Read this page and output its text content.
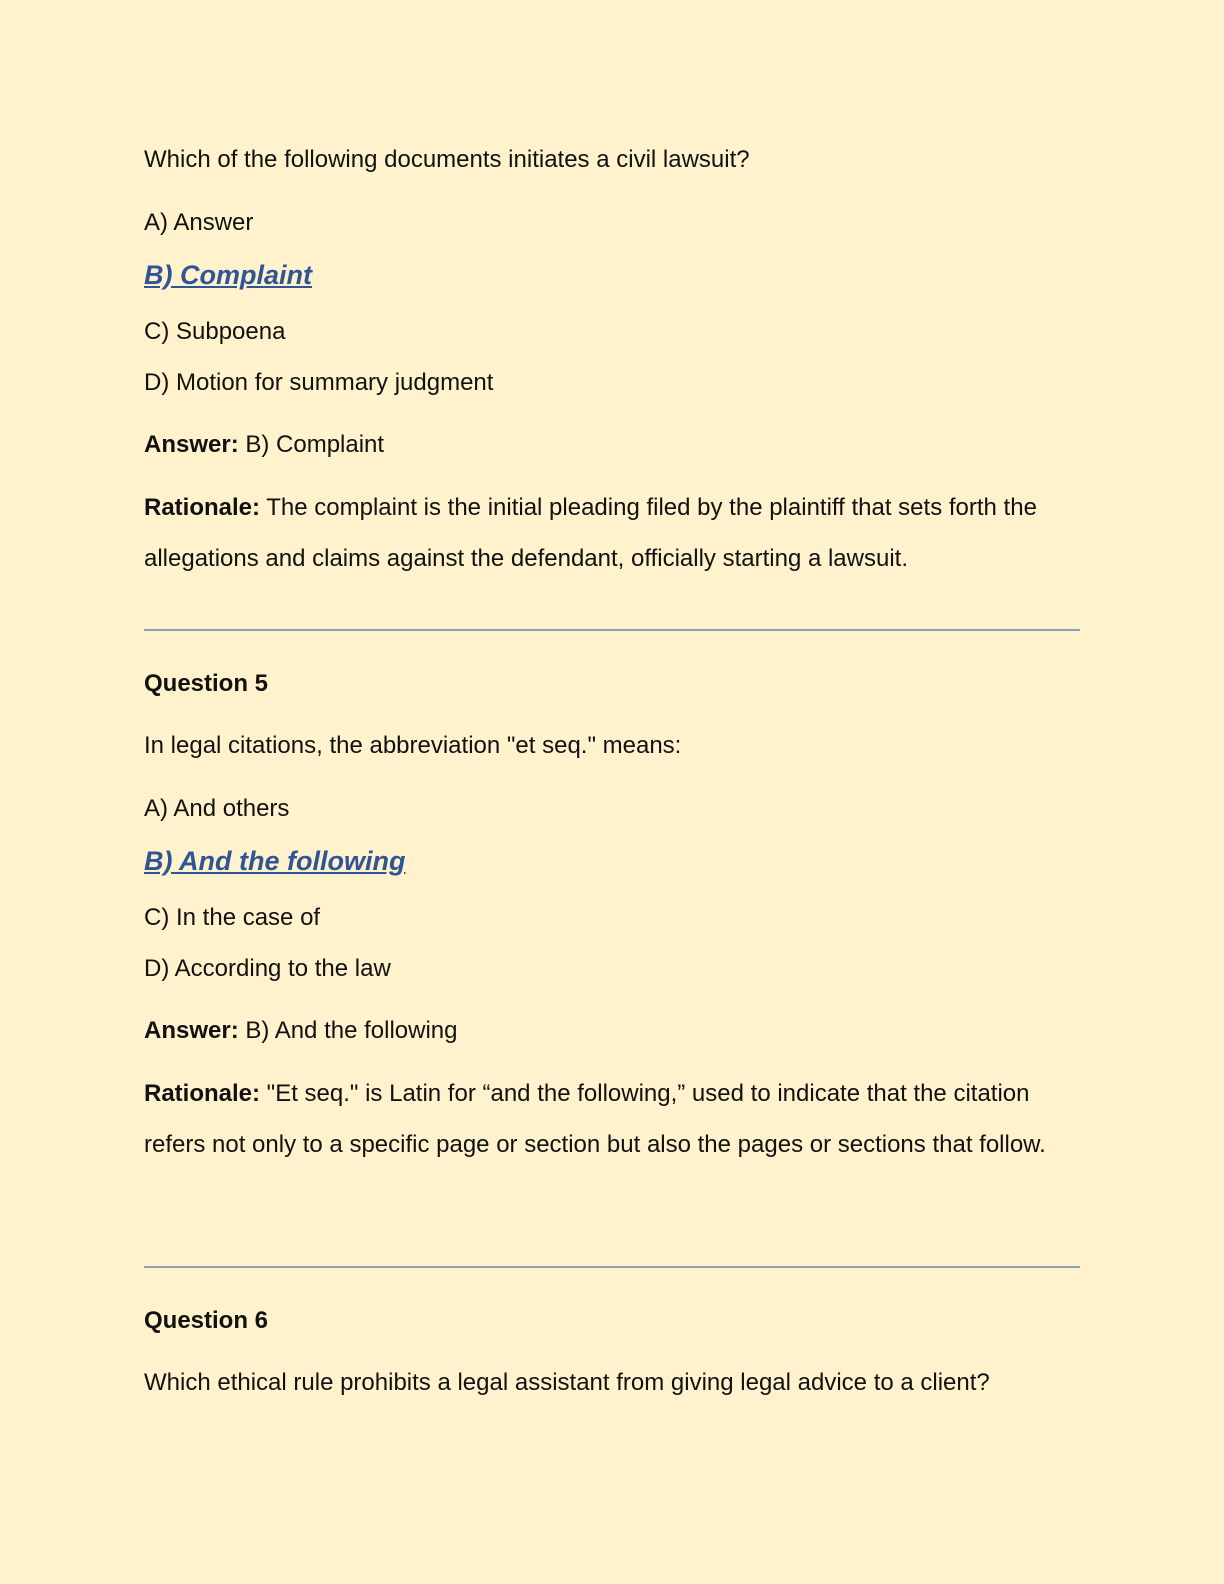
Which of the following documents initiates a civil lawsuit?
A) Answer
B) Complaint
C) Subpoena
D) Motion for summary judgment
Answer: B) Complaint
Rationale: The complaint is the initial pleading filed by the plaintiff that sets forth the allegations and claims against the defendant, officially starting a lawsuit.
Question 5
In legal citations, the abbreviation "et seq." means:
A) And others
B) And the following
C) In the case of
D) According to the law
Answer: B) And the following
Rationale: "Et seq." is Latin for “and the following,” used to indicate that the citation refers not only to a specific page or section but also the pages or sections that follow.
Question 6
Which ethical rule prohibits a legal assistant from giving legal advice to a client?
